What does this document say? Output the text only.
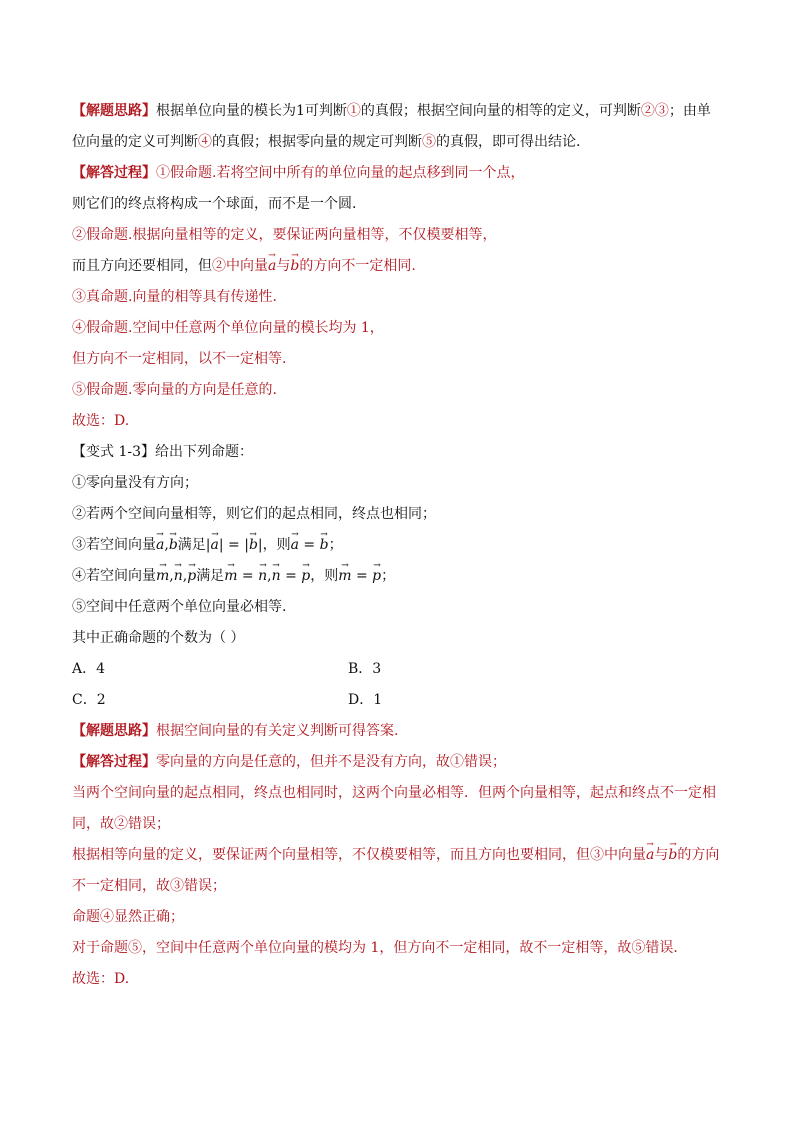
【解题思路】根据单位向量的模长为1可判断①的真假；根据空间向量的相等的定义，可判断②③；由单
位向量的定义可判断④的真假；根据零向量的规定可判断⑤的真假，即可得出结论.
【解答过程】①假命题.若将空间中所有的单位向量的起点移到同一个点，
则它们的终点将构成一个球面，而不是一个圆.
②假命题.根据向量相等的定义，要保证两向量相等，不仅模要相等，
而且方向还要相同，但②中向量→ a与→ b的方向不一定相同.
③真命题.向量的相等具有传递性.
④假命题.空间中任意两个单位向量的模长均为 1，
但方向不一定相同，以不一定相等.
⑤假命题.零向量的方向是任意的.
故选：D.
【变式 1-3】给出下列命题：
①零向量没有方向；
②若两个空间向量相等，则它们的起点相同，终点也相同；
③若空间向量→ a,→ b满足|→ a| = |→ b|，则→ a = → b；
④若空间向量→ m,→ n,→ p满足→ m = → n,→ n = → p，则→ m = → p；
⑤空间中任意两个单位向量必相等.
其中正确命题的个数为（ ）
A．4	B．3
C．2	D．1
【解题思路】根据空间向量的有关定义判断可得答案.
【解答过程】零向量的方向是任意的，但并不是没有方向，故①错误；
当两个空间向量的起点相同，终点也相同时，这两个向量必相等．但两个向量相等，起点和终点不一定相同，故②错误；
根据相等向量的定义，要保证两个向量相等，不仅模要相等，而且方向也要相同，但③中向量→ a与→ b的方向不一定相同，故③错误；
命题④显然正确；
对于命题⑤，空间中任意两个单位向量的模均为 1，但方向不一定相同，故不一定相等，故⑤错误．
故选：D.
